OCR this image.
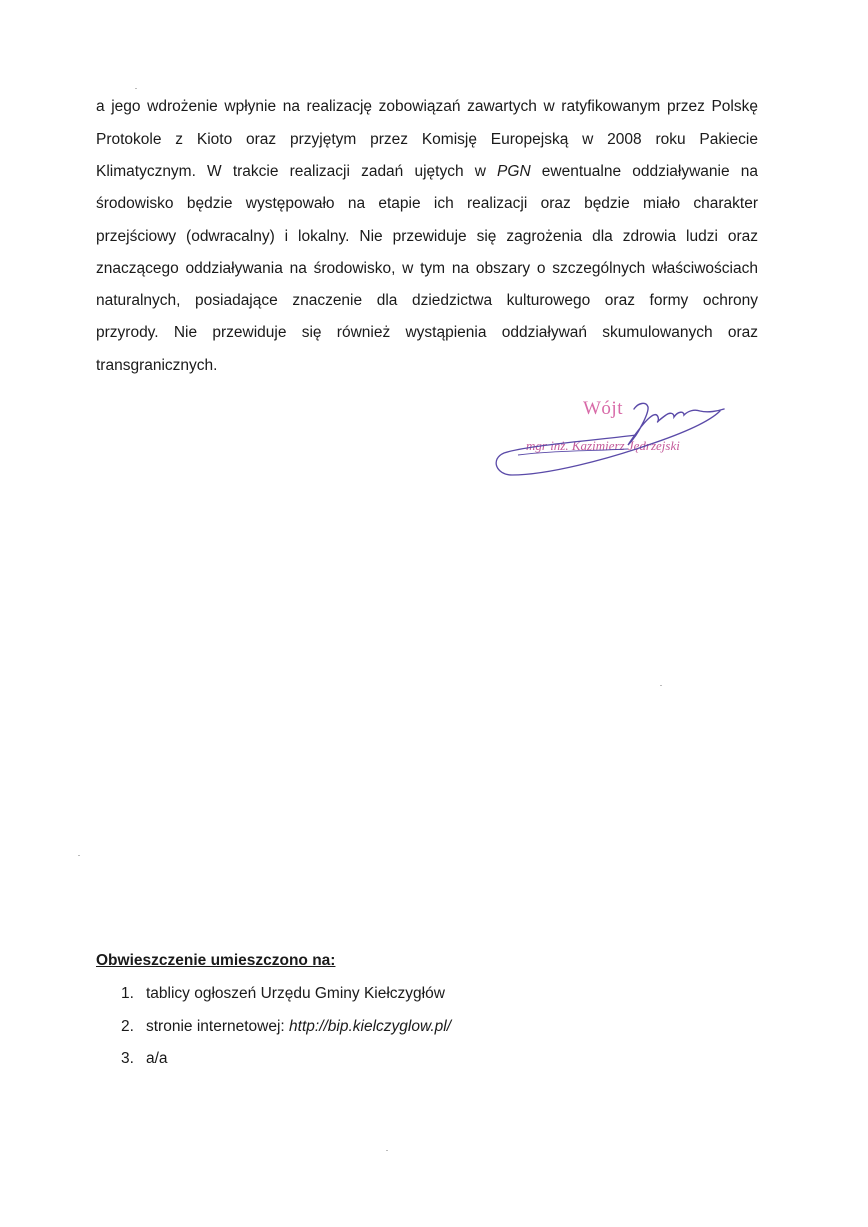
a jego wdrożenie wpłynie na realizację zobowiązań zawartych w ratyfikowanym przez Polskę
Protokole z Kioto oraz przyjętym przez Komisję Europejską w 2008 roku Pakiecie
Klimatycznym. W trakcie realizacji zadań ujętych w PGN ewentualne oddziaływanie na
środowisko będzie występowało na etapie ich realizacji oraz będzie miało charakter
przejściowy (odwracalny) i lokalny. Nie przewiduje się zagrożenia dla zdrowia ludzi oraz
znaczącego oddziaływania na środowisko, w tym na obszary o szczególnych właściwościach
naturalnych, posiadające znaczenie dla dziedzictwa kulturowego oraz formy ochrony
przyrody. Nie przewiduje się również wystąpienia oddziaływań skumulowanych oraz
transgranicznych.
Wójt
mgr inż. Kazimierz Jędrzejski
Obwieszczenie umieszczono na:
1. tablicy ogłoszeń Urzędu Gminy Kiełczygłów
2. stronie internetowej: http://bip.kielczyglow.pl/
3. a/a
